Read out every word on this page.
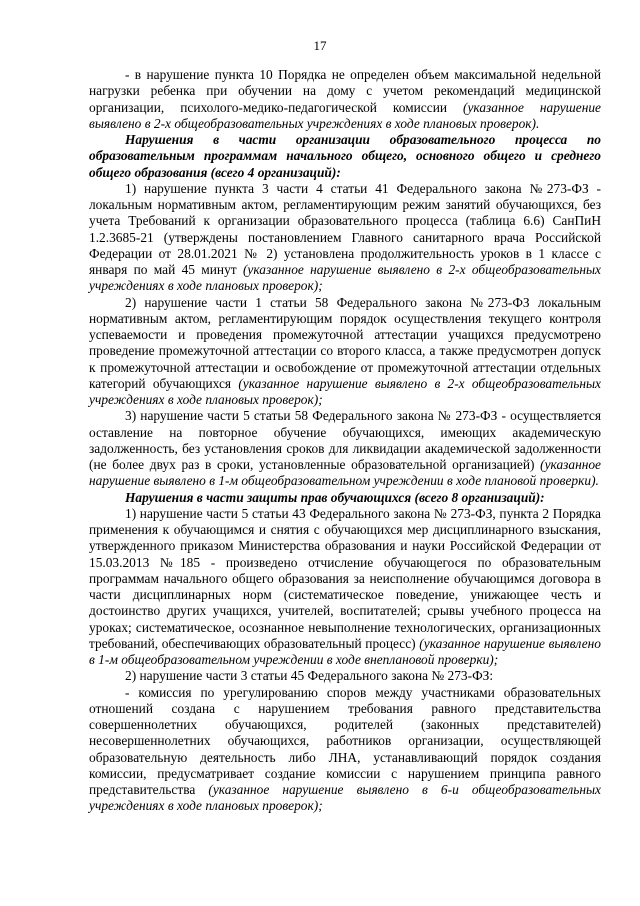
17

- в нарушение пункта 10 Порядка не определен объем максимальной недельной нагрузки ребенка при обучении на дому с учетом рекомендаций медицинской организации, психолого-медико-педагогической комиссии (указанное нарушение выявлено в 2-х общеобразовательных учреждениях в ходе плановых проверок).

Нарушения в части организации образовательного процесса по образовательным программам начального общего, основного общего и среднего общего образования (всего 4 организаций):

1) нарушение пункта 3 части 4 статьи 41 Федерального закона №273-ФЗ - локальным нормативным актом, регламентирующим режим занятий обучающихся, без учета Требований к организации образовательного процесса (таблица 6.6) СанПиН 1.2.3685-21 (утверждены постановлением Главного санитарного врача Российской Федерации от 28.01.2021 № 2) установлена продолжительность уроков в 1 классе с января по май 45 минут (указанное нарушение выявлено в 2-х общеобразовательных учреждениях в ходе плановых проверок);

2) нарушение части 1 статьи 58 Федерального закона №273-ФЗ локальным нормативным актом, регламентирующим порядок осуществления текущего контроля успеваемости и проведения промежуточной аттестации учащихся предусмотрено проведение промежуточной аттестации со второго класса, а также предусмотрен допуск к промежуточной аттестации и освобождение от промежуточной аттестации отдельных категорий обучающихся (указанное нарушение выявлено в 2-х общеобразовательных учреждениях в ходе плановых проверок);

3) нарушение части 5 статьи 58 Федерального закона № 273-ФЗ - осуществляется оставление на повторное обучение обучающихся, имеющих академическую задолженность, без установления сроков для ликвидации академической задолженности (не более двух раз в сроки, установленные образовательной организацией) (указанное нарушение выявлено в 1-м общеобразовательном учреждении в ходе плановой проверки).

Нарушения в части защиты прав обучающихся (всего 8 организаций):

1) нарушение части 5 статьи 43 Федерального закона № 273-ФЗ, пункта 2 Порядка применения к обучающимся и снятия с обучающихся мер дисциплинарного взыскания, утвержденного приказом Министерства образования и науки Российской Федерации от 15.03.2013 №185 - произведено отчисление обучающегося по образовательным программам начального общего образования за неисполнение обучающимся договора в части дисциплинарных норм (систематическое поведение, унижающее честь и достоинство других учащихся, учителей, воспитателей; срывы учебного процесса на уроках; систематическое, осознанное невыполнение технологических, организационных требований, обеспечивающих образовательный процесс) (указанное нарушение выявлено в 1-м общеобразовательном учреждении в ходе внеплановой проверки);

2) нарушение части 3 статьи 45 Федерального закона № 273-ФЗ:

- комиссия по урегулированию споров между участниками образовательных отношений создана с нарушением требования равного представительства совершеннолетних обучающихся, родителей (законных представителей) несовершеннолетних обучающихся, работников организации, осуществляющей образовательную деятельность либо ЛНА, устанавливающий порядок создания комиссии, предусматривает создание комиссии с нарушением принципа равного представительства (указанное нарушение выявлено в 6-и общеобразовательных учреждениях в ходе плановых проверок);
